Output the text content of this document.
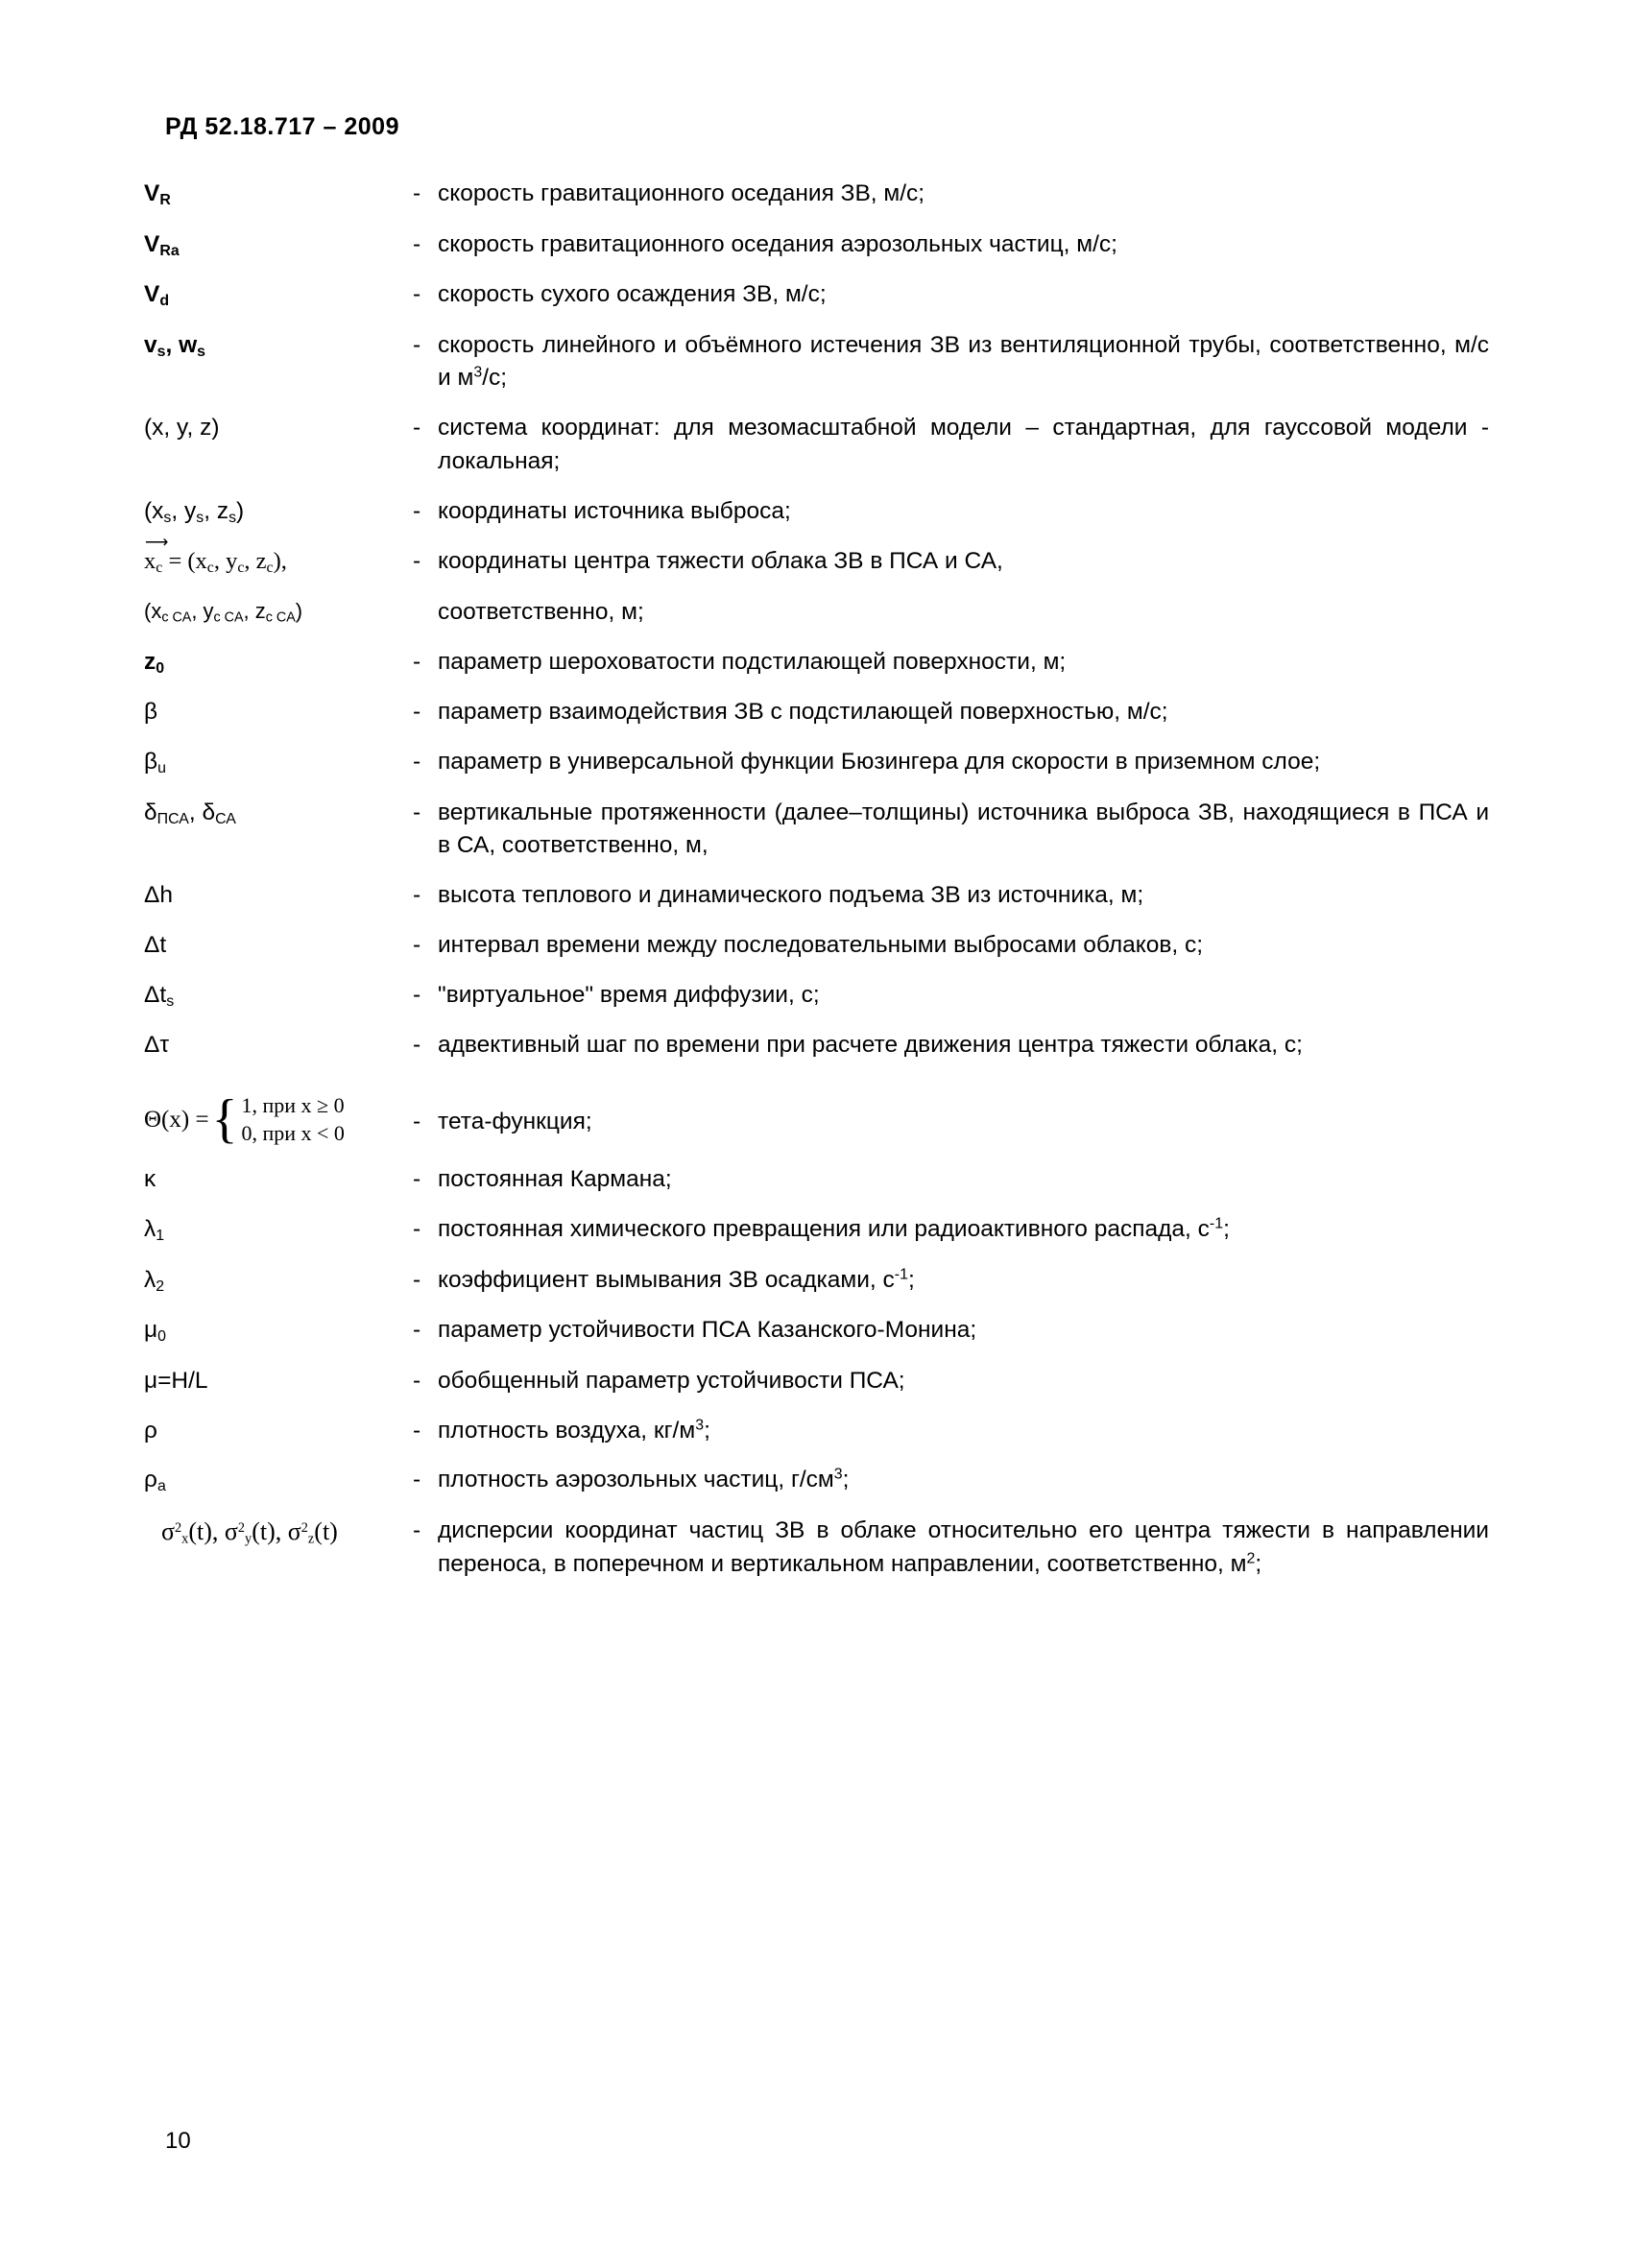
РД 52.18.717 – 2009
$V_R$	-	скорость гравитационного оседания ЗВ, м/с;
$V_{Ra}$	-	скорость гравитационного оседания аэрозольных частиц, м/с;
$V_d$	-	скорость сухого осаждения ЗВ, м/с;
$v_s$, $w_s$	-	скорость линейного и объёмного истечения ЗВ из вентиляционной трубы, соответственно, м/с и $м^3/с$;
(x, y, z)	-	система координат: для мезомасштабной модели – стандартная, для гауссовой модели - локальная;
($x_s$, $y_s$, $z_s$)	-	координаты источника выброса;

⟶
$x_c = (x_c$, $y_c$, $z_c$),	-	координаты центра тяжести облака ЗВ в ПСА и СА,
($x_{c CA}$, $y_{c CA}$, $z_{c CA}$)		соответственно, м;
$z_0$	-	параметр шероховатости подстилающей поверхности, м;
β	-	параметр взаимодействия ЗВ с подстилающей поверхностью, м/с;
$\beta_u$	-	параметр в универсальной функции Бюзингера для скорости в приземном слое;
$\delta_{ПСА}$, $\delta_{СА}$	-	вертикальные протяженности (далее–толщины) источника выброса ЗВ, находящиеся в ПСА и в СА, соответственно, м,
Δh	-	высота теплового и динамического подъема ЗВ из источника, м;
Δt	-	интервал времени между последовательными выбросами облаков, с;
$\Delta t_s$	-	"виртуальное" время диффузии, с;
Δτ	-	адвективный шаг по времени при расчете движения центра тяжести облака, с;

Θ(x) = { 1, при x ≥ 0
0, при x < 0	-	тета-функция;
κ	-	постоянная Кармана;
$\lambda_1$	-	постоянная химического превращения или радиоактивного распада, $с^{-1}$;
$\lambda_2$	-	коэффициент вымывания ЗВ осадками, $с^{-1}$;
$\mu_0$	-	параметр устойчивости ПСА Казанского-Монина;
μ=H/L	-	обобщенный параметр устойчивости ПСА;
ρ	-	плотность воздуха, $кг/м^3$;
$\rho_a$	-	плотность аэрозольных частиц, $г/см^3$;
$\sigma^2_x(t)$, $\sigma^2_y(t)$, $\sigma^2_z(t)$	-	дисперсии координат частиц ЗВ в облаке относительно его центра тяжести в направлении переноса, в поперечном и вертикальном направлении, соответственно, $м^2$;
10
